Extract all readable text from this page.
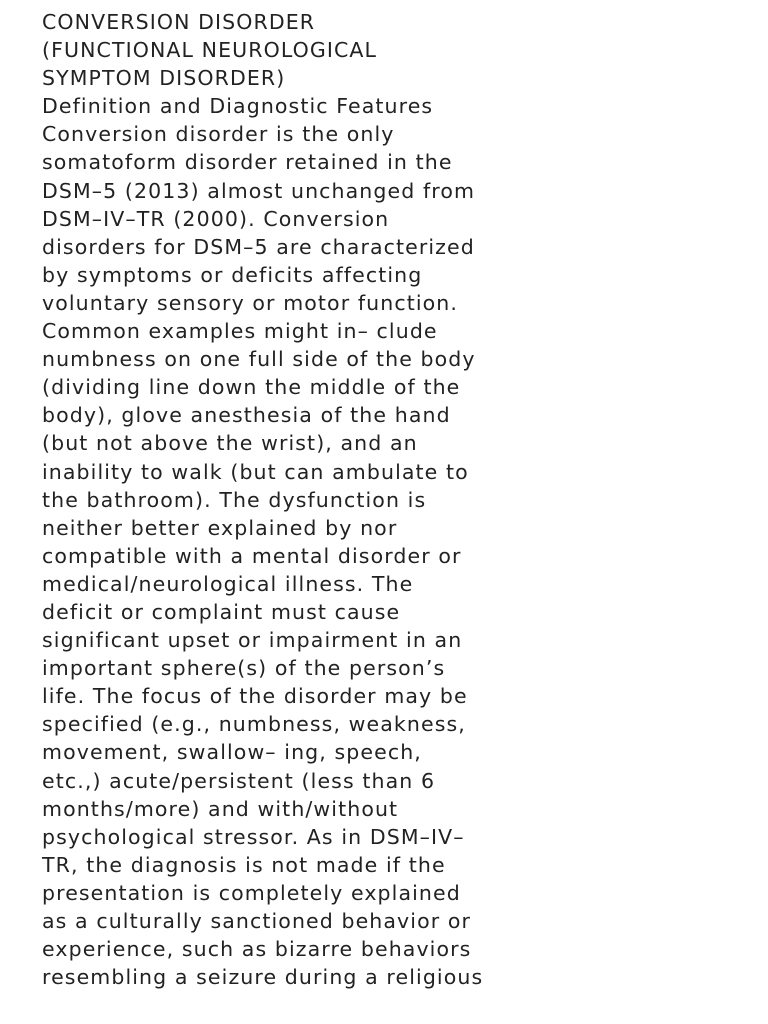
CONVERSION DISORDER
(FUNCTIONAL NEUROLOGICAL
SYMPTOM DISORDER)
Definition and Diagnostic Features
Conversion disorder is the only
somatoform disorder retained in the
DSM–5 (2013) almost unchanged from
DSM–IV–TR (2000). Conversion
disorders for DSM–5 are characterized
by symptoms or deficits affecting
voluntary sensory or motor function.
Common examples might in– clude
numbness on one full side of the body
(dividing line down the middle of the
body), glove anesthesia of the hand
(but not above the wrist), and an
inability to walk (but can ambulate to
the bathroom). The dysfunction is
neither better explained by nor
compatible with a mental disorder or
medical/neurological illness. The
deficit or complaint must cause
significant upset or impairment in an
important sphere(s) of the person’s
life. The focus of the disorder may be
specified (e.g., numbness, weakness,
movement, swallow– ing, speech,
etc.,) acute/persistent (less than 6
months/more) and with/without
psychological stressor. As in DSM–IV–
TR, the diagnosis is not made if the
presentation is completely explained
as a culturally sanctioned behavior or
experience, such as bizarre behaviors
resembling a seizure during a religious
